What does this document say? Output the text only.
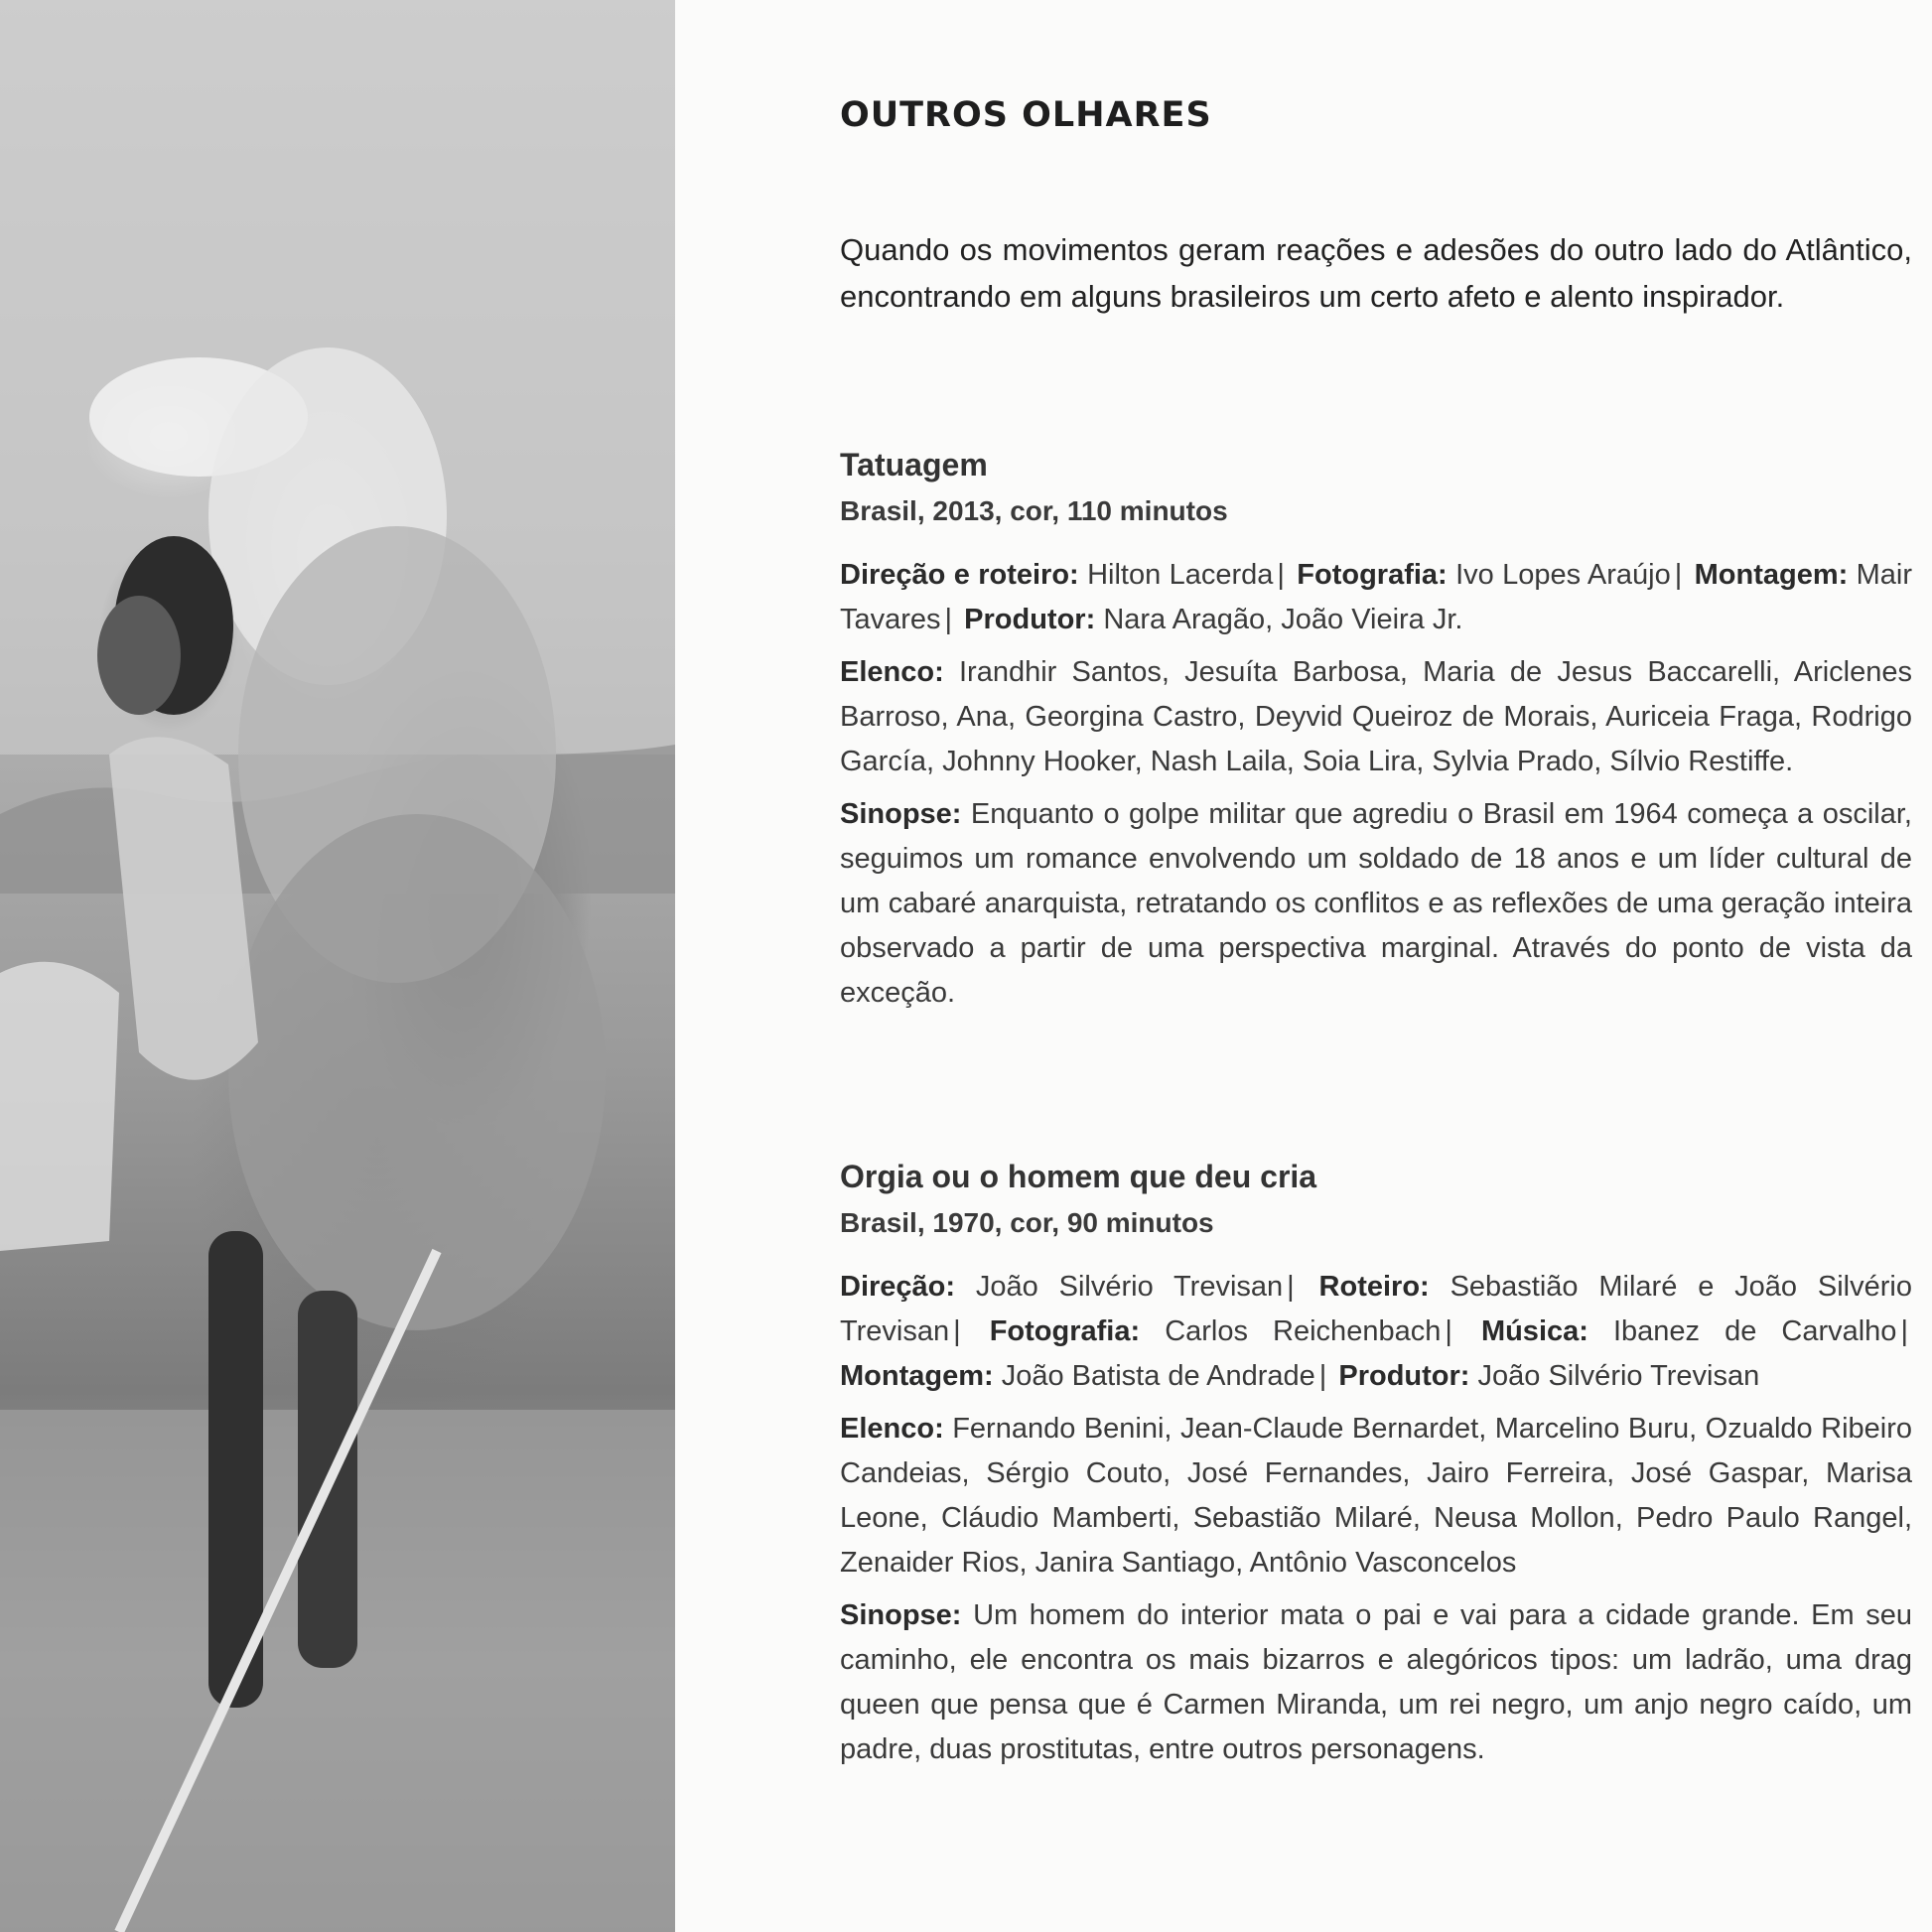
OUTROS OLHARES

Quando os movimentos geram reações e adesões do outro lado do Atlântico, encontrando em alguns brasileiros um certo afeto e alento inspirador.

Tatuagem
Brasil, 2013, cor, 110 minutos

Direção e roteiro: Hilton Lacerda | Fotografia: Ivo Lopes Araújo | Montagem: Mair Tavares | Produtor: Nara Aragão, João Vieira Jr.

Elenco: Irandhir Santos, Jesuíta Barbosa, Maria de Jesus Baccarelli, Ariclenes Barroso, Ana, Georgina Castro, Deyvid Queiroz de Morais, Auriceia Fraga, Rodrigo García, Johnny Hooker, Nash Laila, Soia Lira, Sylvia Prado, Sílvio Restiffe.

Sinopse: Enquanto o golpe militar que agrediu o Brasil em 1964 começa a oscilar, seguimos um romance envolvendo um soldado de 18 anos e um líder cultural de um cabaré anarquista, retratando os conflitos e as reflexões de uma geração inteira observado a partir de uma perspectiva marginal. Através do ponto de vista da exceção.

Orgia ou o homem que deu cria
Brasil, 1970, cor, 90 minutos

Direção: João Silvério Trevisan | Roteiro: Sebastião Milaré e João Silvério Trevisan | Fotografia: Carlos Reichenbach | Música: Ibanez de Carvalho | Montagem: João Batista de Andrade | Produtor: João Silvério Trevisan

Elenco: Fernando Benini, Jean-Claude Bernardet, Marcelino Buru, Ozualdo Ribeiro Candeias, Sérgio Couto, José Fernandes, Jairo Ferreira, José Gaspar, Marisa Leone, Cláudio Mamberti, Sebastião Milaré, Neusa Mollon, Pedro Paulo Rangel, Zenaider Rios, Janira Santiago, Antônio Vasconcelos

Sinopse: Um homem do interior mata o pai e vai para a cidade grande. Em seu caminho, ele encontra os mais bizarros e alegóricos tipos: um ladrão, uma drag queen que pensa que é Carmen Miranda, um rei negro, um anjo negro caído, um padre, duas prostitutas, entre outros personagens.
